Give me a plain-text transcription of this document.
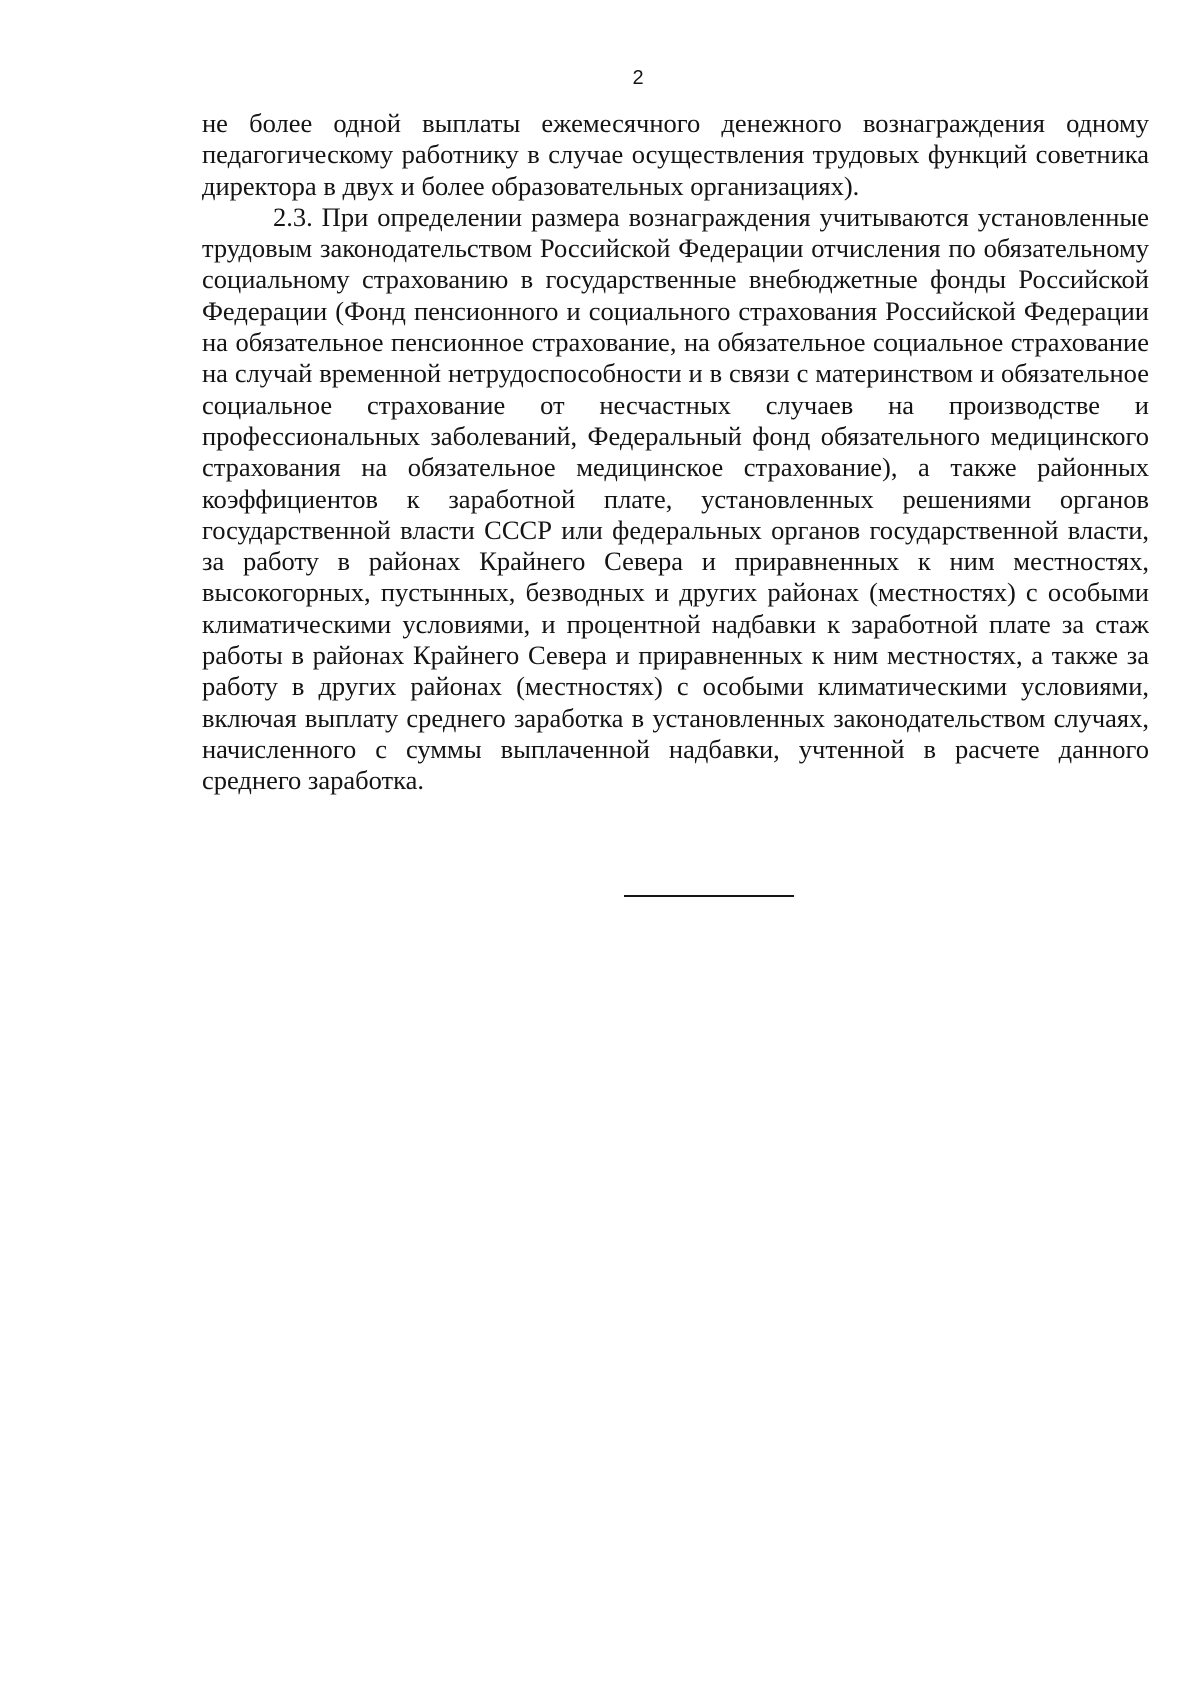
2

не более одной выплаты ежемесячного денежного вознаграждения одному педагогическому работнику в случае осуществления трудовых функций советника директора в двух и более образовательных организациях).

2.3. При определении размера вознаграждения учитываются установленные трудовым законодательством Российской Федерации отчисления по обязательному социальному страхованию в государственные внебюджетные фонды Российской Федерации (Фонд пенсионного и социального страхования Российской Федерации на обязательное пенсионное страхование, на обязательное социальное страхование на случай временной нетрудоспособности и в связи с материнством и обязательное социальное страхование от несчастных случаев на производстве и профессиональных заболеваний, Федеральный фонд обязательного медицинского страхования на обязательное медицинское страхование), а также районных коэффициентов к заработной плате, установленных решениями органов государственной власти СССР или федеральных органов государственной власти, за работу в районах Крайнего Севера и приравненных к ним местностях, высокогорных, пустынных, безводных и других районах (местностях) с особыми климатическими условиями, и процентной надбавки к заработной плате за стаж работы в районах Крайнего Севера и приравненных к ним местностях, а также за работу в других районах (местностях) с особыми климатическими условиями, включая выплату среднего заработка в установленных законодательством случаях, начисленного с суммы выплаченной надбавки, учтенной в расчете данного среднего заработка.
